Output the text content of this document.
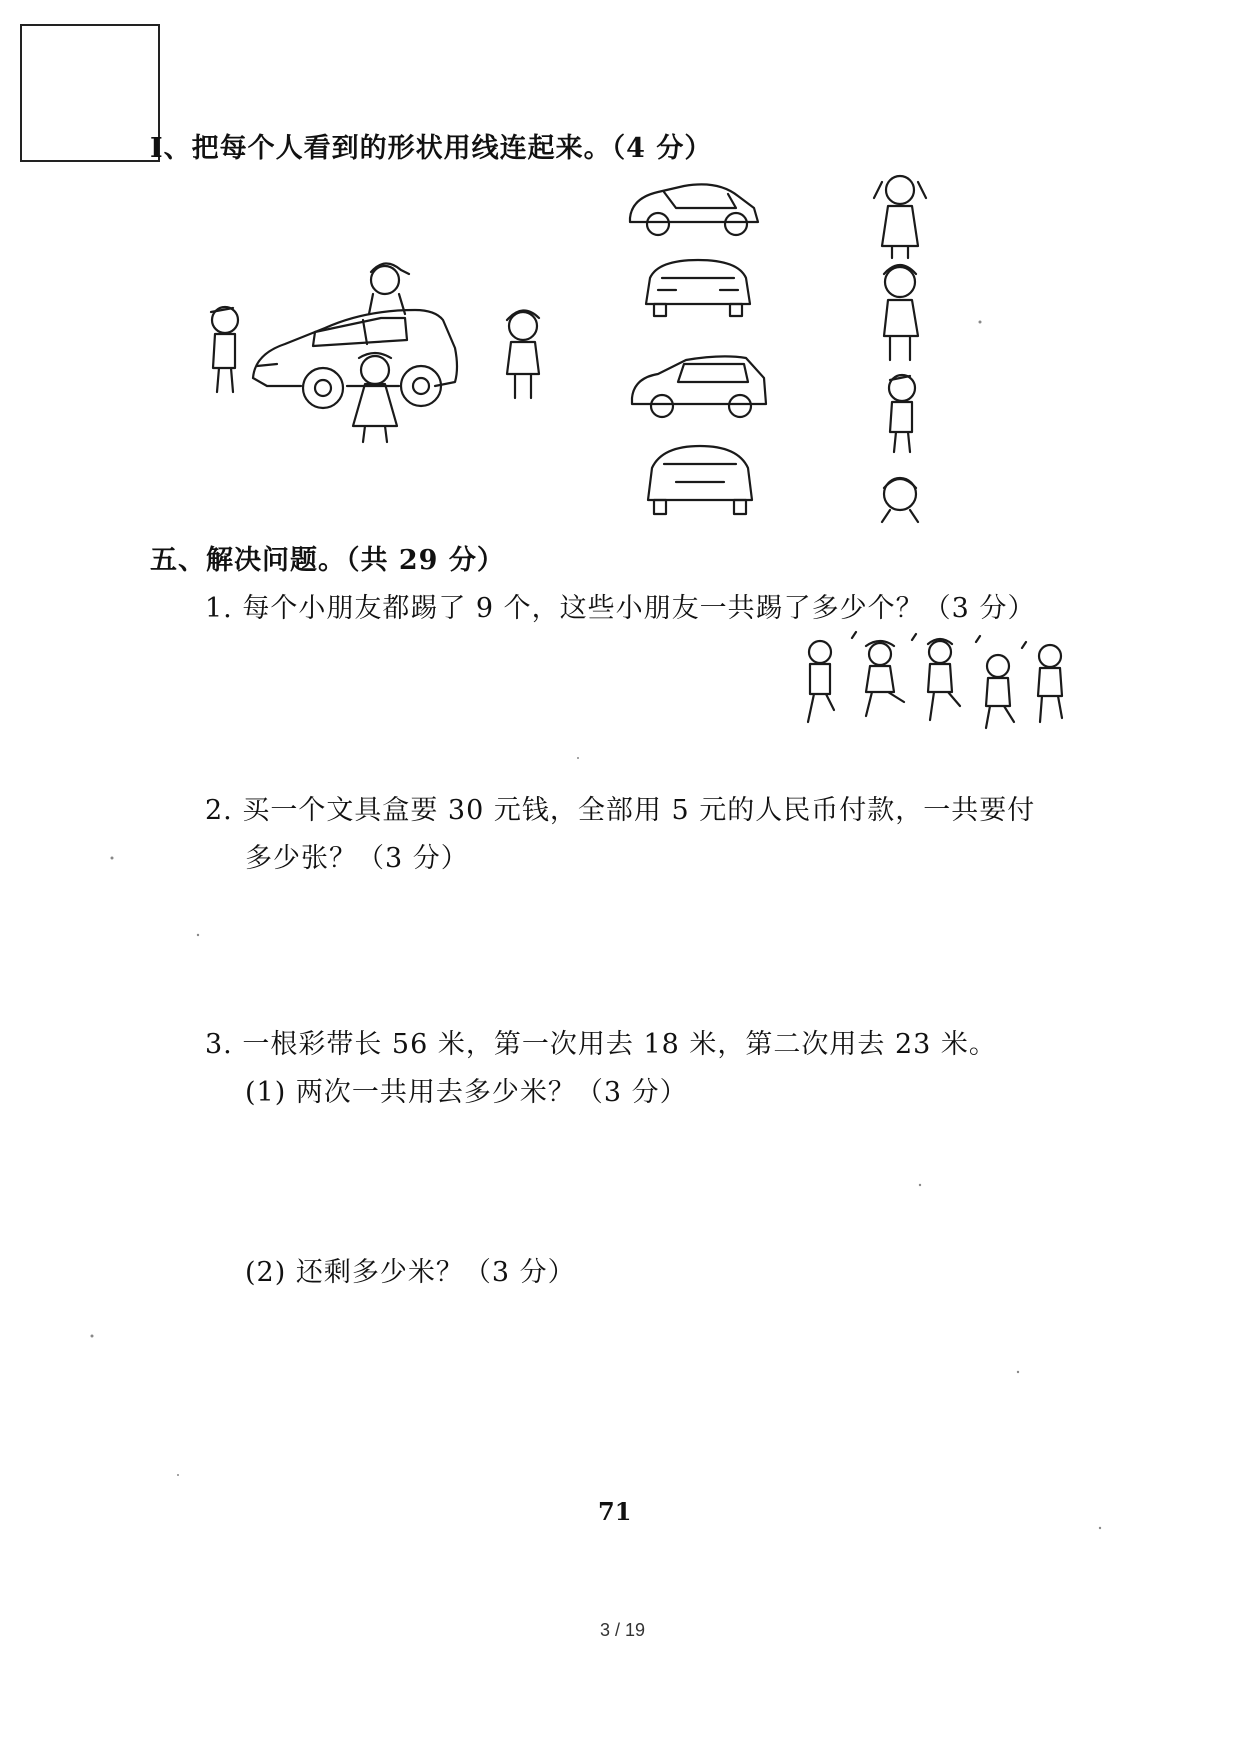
Ⅰ、把每个人看到的形状用线连起来。（4 分）
五、解决问题。（共 29 分）
1. 每个小朋友都踢了 9 个，这些小朋友一共踢了多少个？（3 分）
2. 买一个文具盒要 30 元钱，全部用 5 元的人民币付款，一共要付
多少张？（3 分）
3. 一根彩带长 56 米，第一次用去 18 米，第二次用去 23 米。
(1) 两次一共用去多少米？（3 分）
(2) 还剩多少米？（3 分）
71
3 / 19
